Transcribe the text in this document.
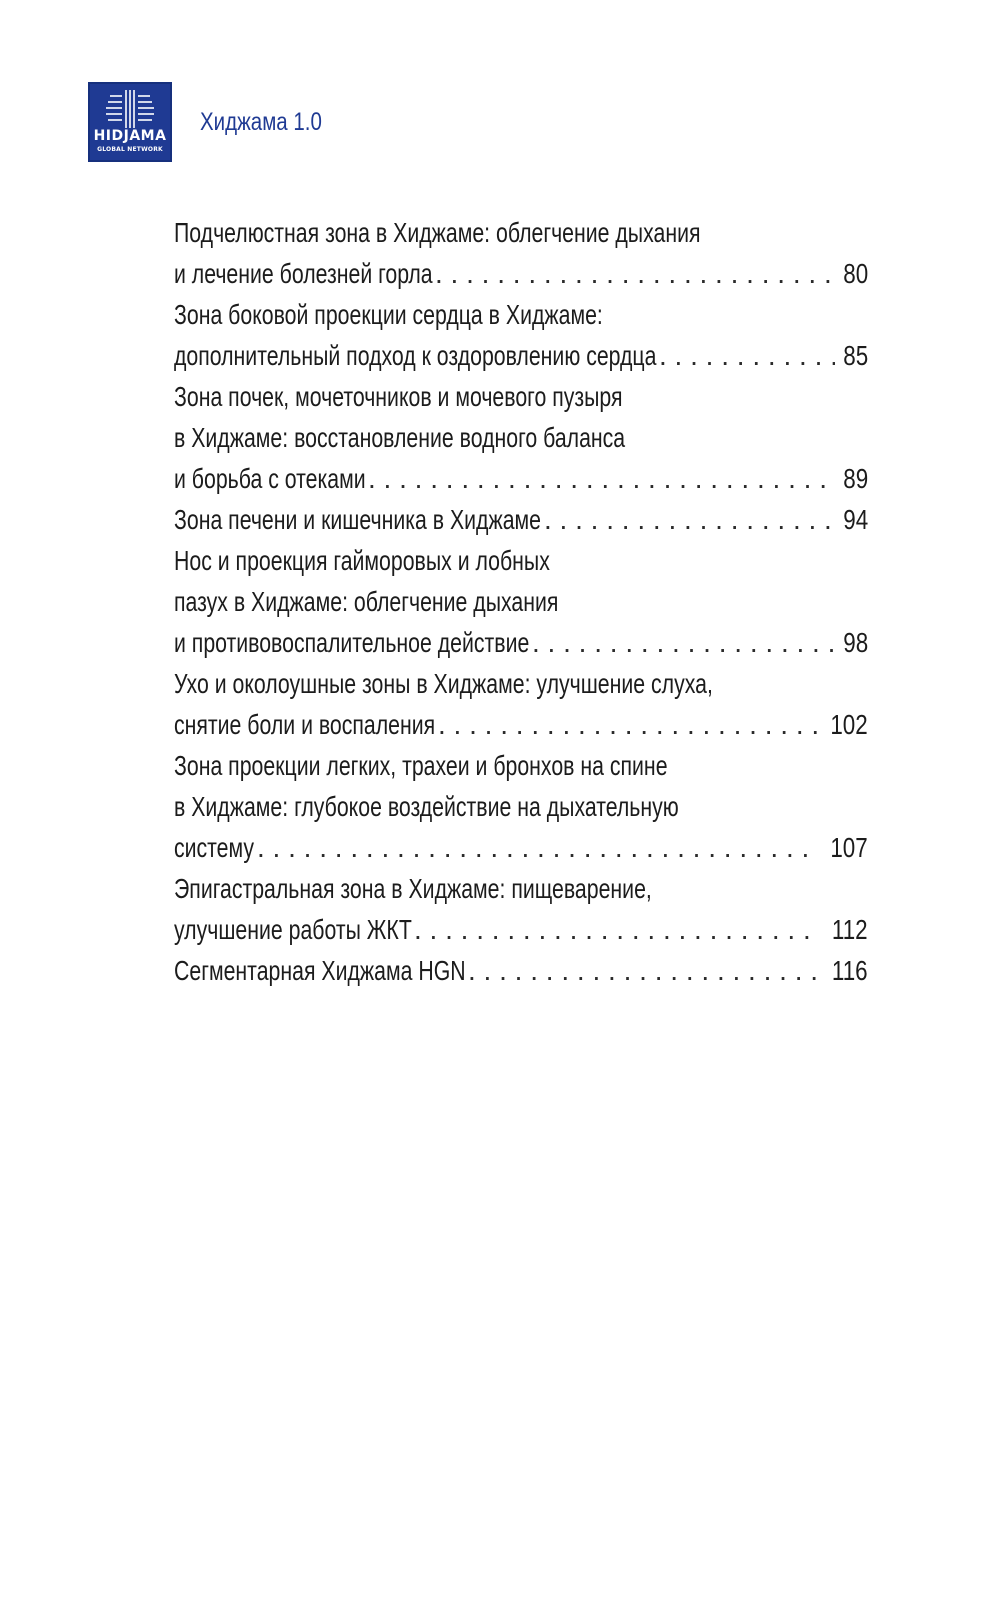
HIDJAMA
GLOBAL NETWORK
Хиджама 1.0
Подчелюстная зона в Хиджаме: облегчение дыхания
и лечение болезней горла . . .	80
Зона боковой проекции сердца в Хиджаме:
дополнительный подход к оздоровлению сердца . . .	85
Зона почек, мочеточников и мочевого пузыря
в Хиджаме: восстановление водного баланса
и борьба с отеками . . .	89
Зона печени и кишечника в Хиджаме . . .	94
Нос и проекция гайморовых и лобных
пазух в Хиджаме: облегчение дыхания
и противовоспалительное действие . . .	98
Ухо и околоушные зоны в Хиджаме: улучшение слуха,
снятие боли и воспаления . . .	102
Зона проекции легких, трахеи и бронхов на спине
в Хиджаме: глубокое воздействие на дыхательную
систему . . .	107
Эпигастральная зона в Хиджаме: пищеварение,
улучшение работы ЖКТ . . .	112
Сегментарная Хиджама HGN . . .	116
